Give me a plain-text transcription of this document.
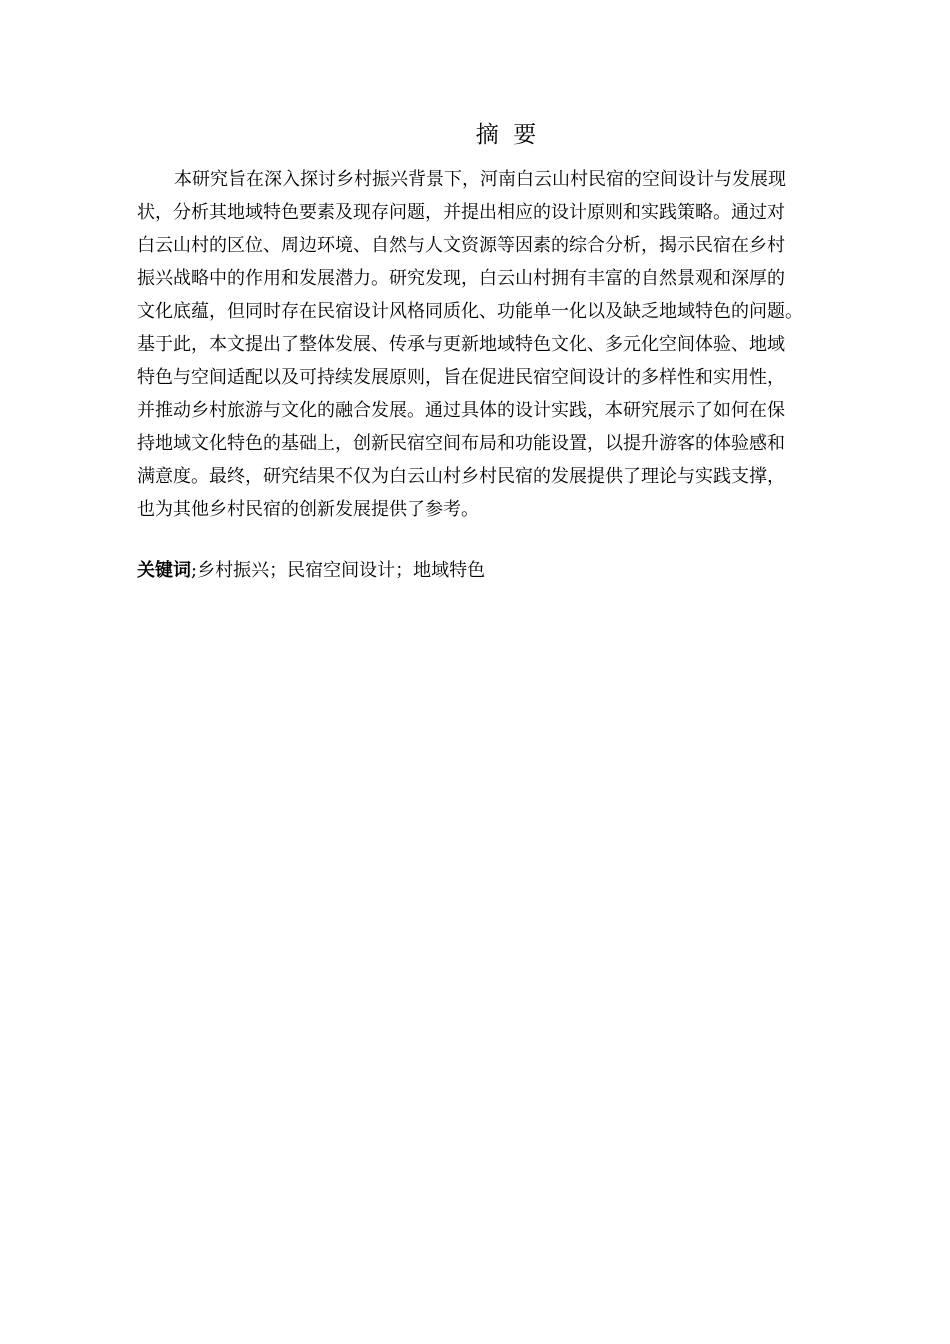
摘  要
本研究旨在深入探讨乡村振兴背景下，河南白云山村民宿的空间设计与发展现
状，分析其地域特色要素及现存问题，并提出相应的设计原则和实践策略。通过对
白云山村的区位、周边环境、自然与人文资源等因素的综合分析，揭示民宿在乡村
振兴战略中的作用和发展潜力。研究发现，白云山村拥有丰富的自然景观和深厚的
文化底蕴，但同时存在民宿设计风格同质化、功能单一化以及缺乏地域特色的问题。
基于此，本文提出了整体发展、传承与更新地域特色文化、多元化空间体验、地域
特色与空间适配以及可持续发展原则，旨在促进民宿空间设计的多样性和实用性，
并推动乡村旅游与文化的融合发展。通过具体的设计实践，本研究展示了如何在保
持地域文化特色的基础上，创新民宿空间布局和功能设置，以提升游客的体验感和
满意度。最终，研究结果不仅为白云山村乡村民宿的发展提供了理论与实践支撑，
也为其他乡村民宿的创新发展提供了参考。
关键词;乡村振兴；民宿空间设计；地域特色
